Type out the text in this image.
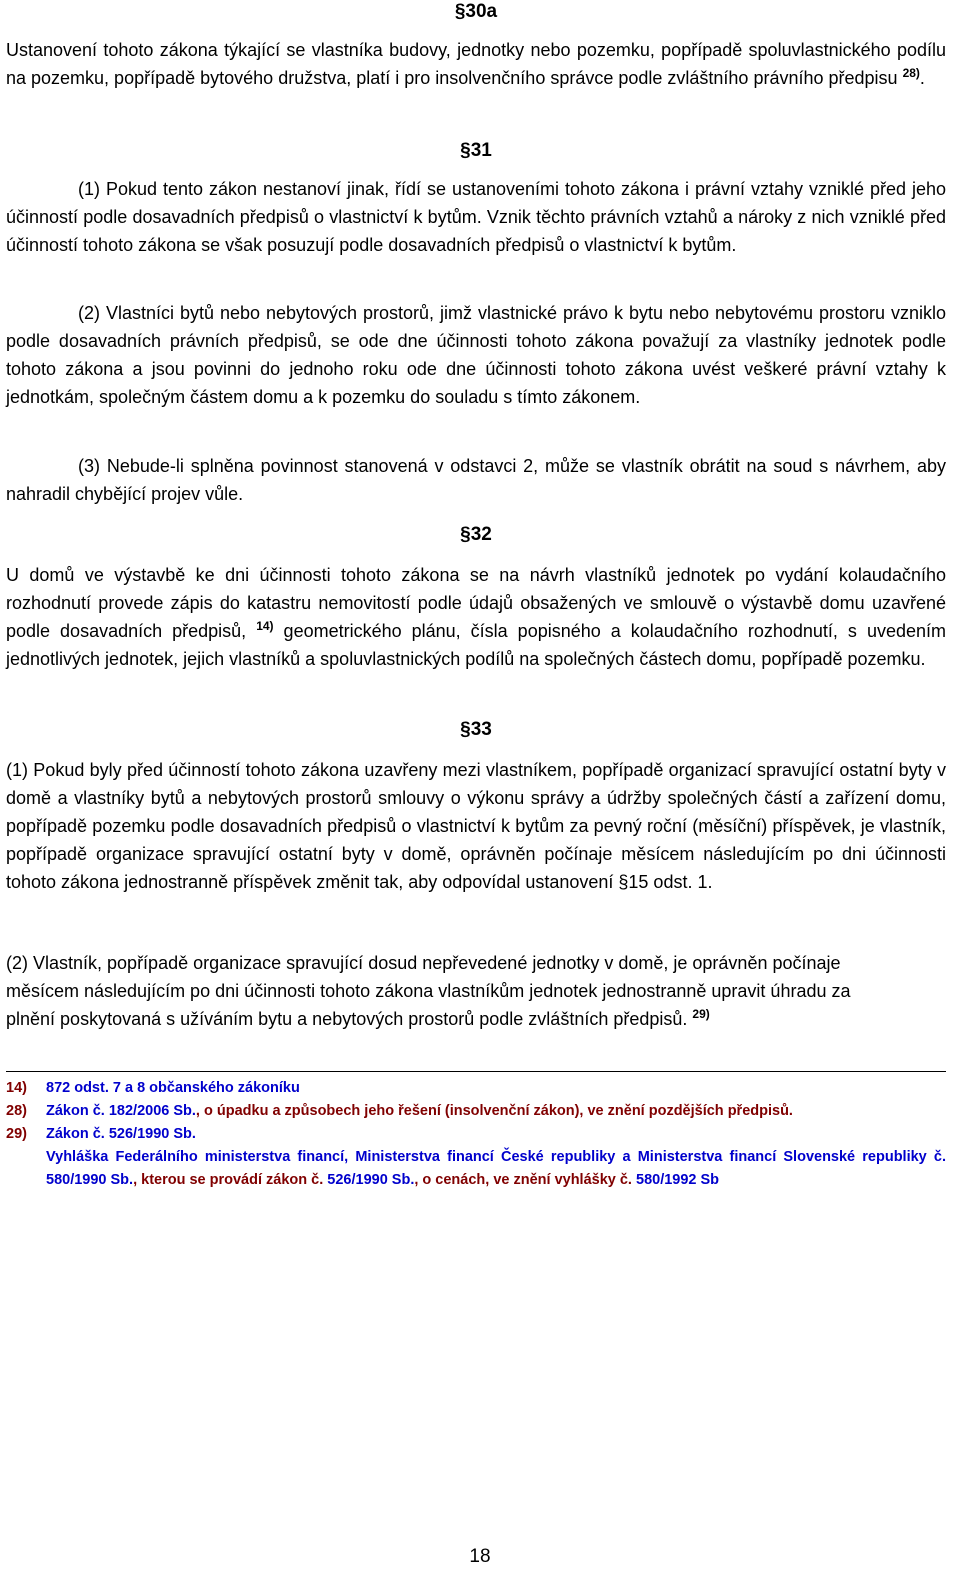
§30a
Ustanovení tohoto zákona týkající se vlastníka budovy, jednotky nebo pozemku, popřípadě spoluvlastnického podílu na pozemku, popřípadě bytového družstva, platí i pro insolvenčního správce podle zvláštního právního předpisu $^{28)}$.
§31
(1) Pokud tento zákon nestanoví jinak, řídí se ustanoveními tohoto zákona i právní vztahy vzniklé před jeho účinností podle dosavadních předpisů o vlastnictví k bytům. Vznik těchto právních vztahů a nároky z nich vzniklé před účinností tohoto zákona se však posuzují podle dosavadních předpisů o vlastnictví k bytům.
(2) Vlastníci bytů nebo nebytových prostorů, jimž vlastnické právo k bytu nebo nebytovému prostoru vzniklo podle dosavadních právních předpisů, se ode dne účinnosti tohoto zákona považují za vlastníky jednotek podle tohoto zákona a jsou povinni do jednoho roku ode dne účinnosti tohoto zákona uvést veškeré právní vztahy k jednotkám, společným částem domu a k pozemku do souladu s tímto zákonem.
(3) Nebude-li splněna povinnost stanovená v odstavci 2, může se vlastník obrátit na soud s návrhem, aby nahradil chybějící projev vůle.
§32
U domů ve výstavbě ke dni účinnosti tohoto zákona se na návrh vlastníků jednotek po vydání kolaudačního rozhodnutí provede zápis do katastru nemovitostí podle údajů obsažených ve smlouvě o výstavbě domu uzavřené podle dosavadních předpisů, $^{14)}$ geometrického plánu, čísla popisného a kolaudačního rozhodnutí, s uvedením jednotlivých jednotek, jejich vlastníků a spoluvlastnických podílů na společných částech domu, popřípadě pozemku.
§33
(1) Pokud byly před účinností tohoto zákona uzavřeny mezi vlastníkem, popřípadě organizací spravující ostatní byty v domě a vlastníky bytů a nebytových prostorů smlouvy o výkonu správy a údržby společných částí a zařízení domu, popřípadě pozemku podle dosavadních předpisů o vlastnictví k bytům za pevný roční (měsíční) příspěvek, je vlastník, popřípadě organizace spravující ostatní byty v domě, oprávněn počínaje měsícem následujícím po dni účinnosti tohoto zákona jednostranně příspěvek změnit tak, aby odpovídal ustanovení §15 odst. 1.
(2) Vlastník, popřípadě organizace spravující dosud nepřevedené jednotky v domě, je oprávněn počínaje měsícem následujícím po dni účinnosti tohoto zákona vlastníkům jednotek jednostranně upravit úhradu za plnění poskytovaná s užíváním bytu a nebytových prostorů podle zvláštních předpisů. $^{29)}$
14) 872 odst. 7 a 8 občanského zákoníku
28) Zákon č. 182/2006 Sb., o úpadku a způsobech jeho řešení (insolvenční zákon), ve znění pozdějších předpisů.
29) Zákon č. 526/1990 Sb.
Vyhláška Federálního ministerstva financí, Ministerstva financí České republiky a Ministerstva financí Slovenské republiky č. 580/1990 Sb., kterou se provádí zákon č. 526/1990 Sb., o cenách, ve znění vyhlášky č. 580/1992 Sb
18
